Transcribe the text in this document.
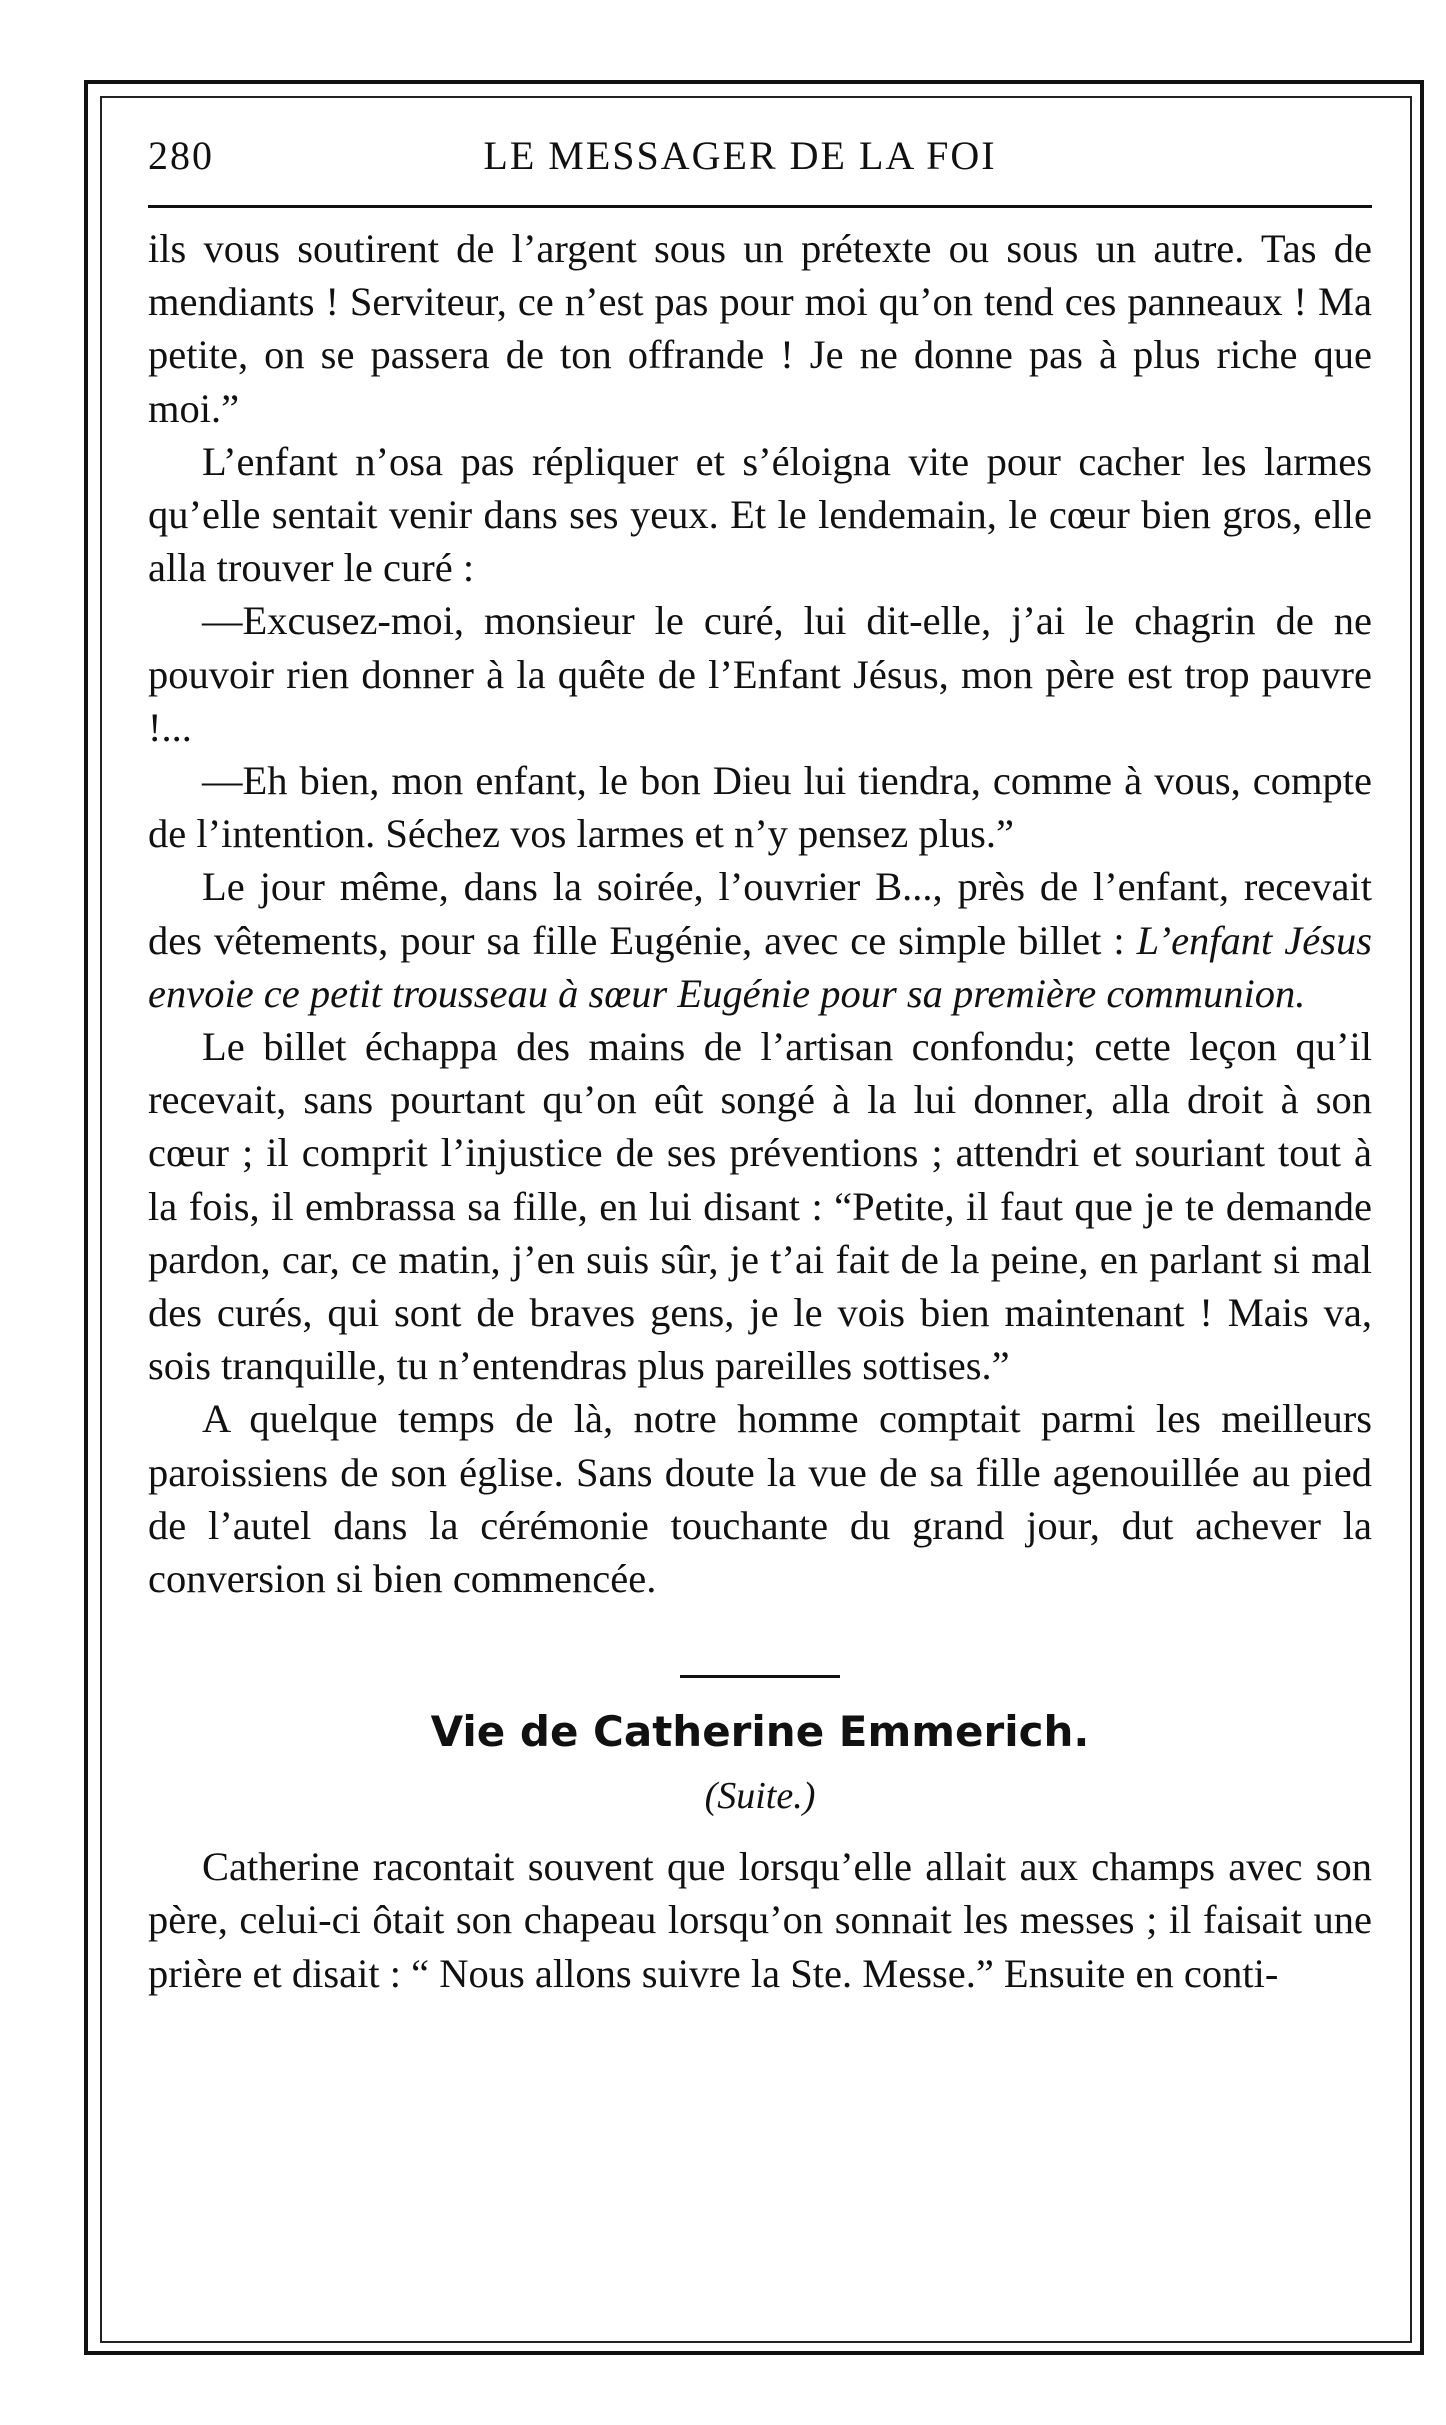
280	LE MESSAGER DE LA FOI

ils vous soutirent de l’argent sous un prétexte ou sous un autre. Tas de mendiants ! Serviteur, ce n’est pas pour moi qu’on tend ces panneaux ! Ma petite, on se passera de ton offrande ! Je ne donne pas à plus riche que moi.”

L’enfant n’osa pas répliquer et s’éloigna vite pour cacher les larmes qu’elle sentait venir dans ses yeux. Et le lendemain, le cœur bien gros, elle alla trouver le curé :

—Excusez-moi, monsieur le curé, lui dit-elle, j’ai le chagrin de ne pouvoir rien donner à la quête de l’Enfant Jésus, mon père est trop pauvre !...

—Eh bien, mon enfant, le bon Dieu lui tiendra, comme à vous, compte de l’intention. Séchez vos larmes et n’y pensez plus.”

Le jour même, dans la soirée, l’ouvrier B..., près de l’enfant, recevait des vêtements, pour sa fille Eugénie, avec ce simple billet : L’enfant Jésus envoie ce petit trousseau à sœur Eugénie pour sa première communion.

Le billet échappa des mains de l’artisan confondu; cette leçon qu’il recevait, sans pourtant qu’on eût songé à la lui donner, alla droit à son cœur ; il comprit l’injustice de ses préventions ; attendri et souriant tout à la fois, il embrassa sa fille, en lui disant : “Petite, il faut que je te demande pardon, car, ce matin, j’en suis sûr, je t’ai fait de la peine, en parlant si mal des curés, qui sont de braves gens, je le vois bien maintenant ! Mais va, sois tranquille, tu n’entendras plus pareilles sottises.”

A quelque temps de là, notre homme comptait parmi les meilleurs paroissiens de son église. Sans doute la vue de sa fille agenouillée au pied de l’autel dans la cérémonie touchante du grand jour, dut achever la conversion si bien commencée.

Vie de Catherine Emmerich.
(Suite.)

Catherine racontait souvent que lorsqu’elle allait aux champs avec son père, celui-ci ôtait son chapeau lorsqu’on sonnait les messes ; il faisait une prière et disait : “ Nous allons suivre la Ste. Messe.” Ensuite en conti-
